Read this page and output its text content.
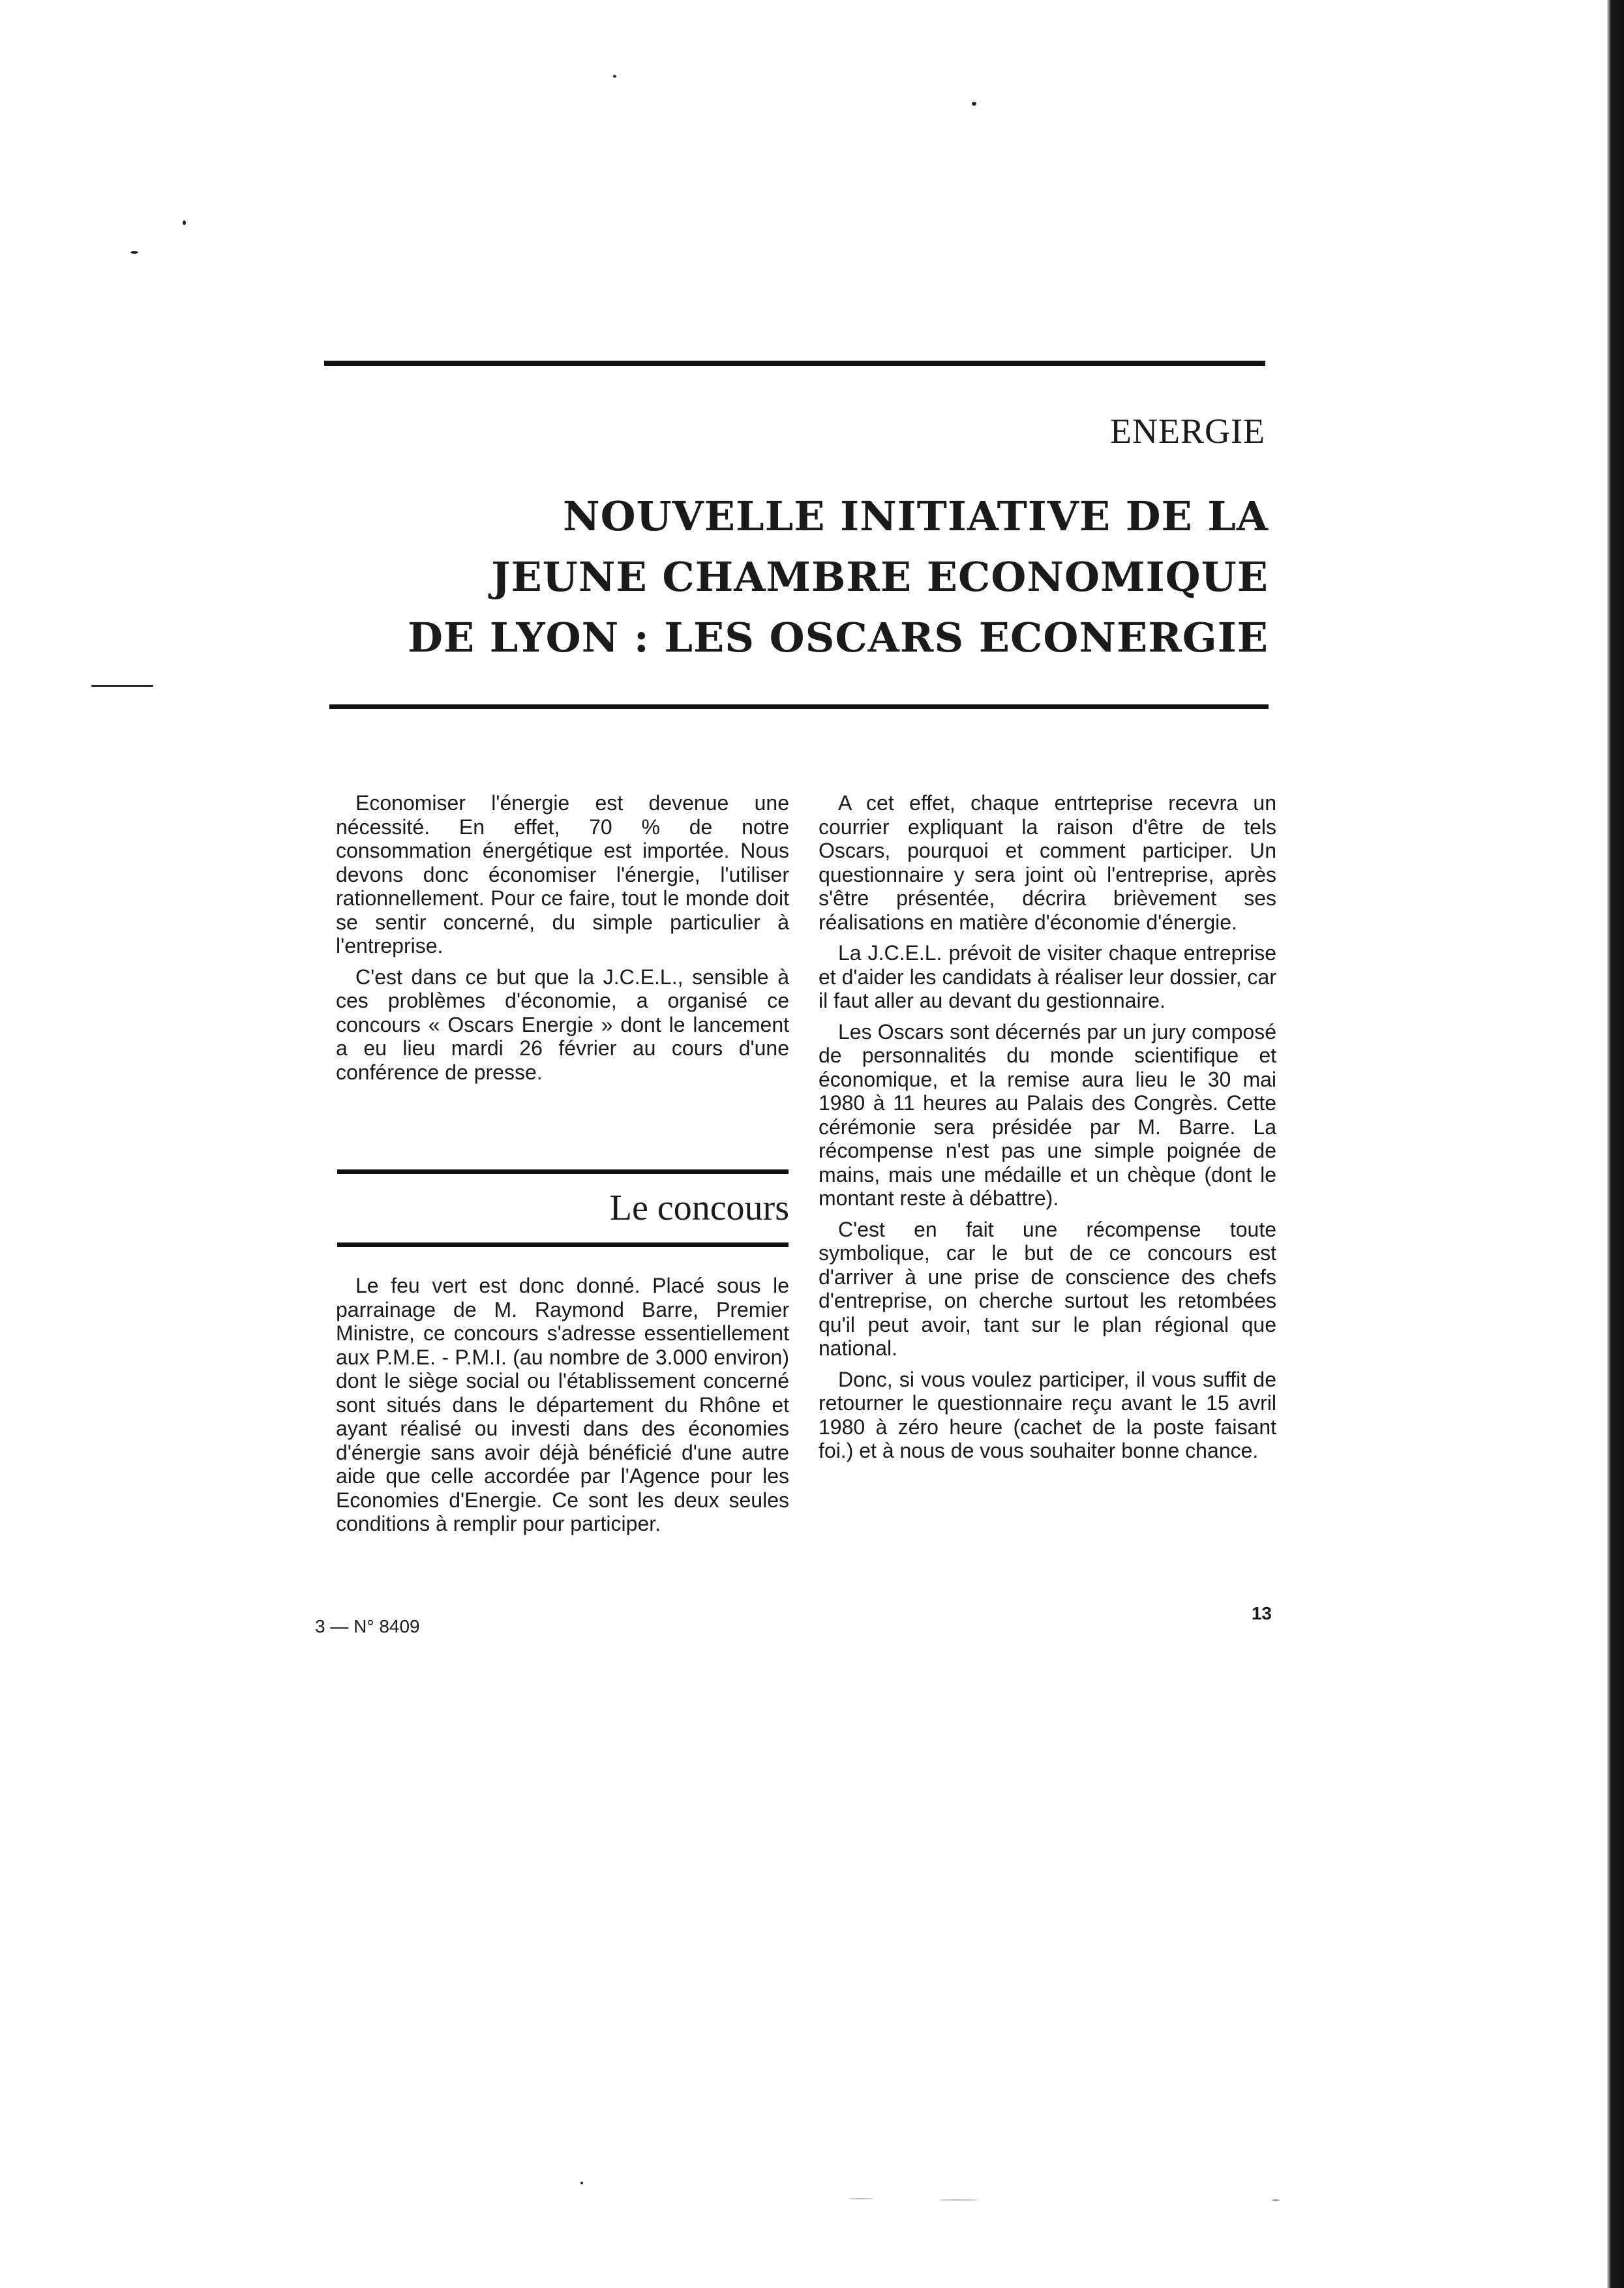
ENERGIE
NOUVELLE INITIATIVE DE LA
JEUNE CHAMBRE ECONOMIQUE
DE LYON : LES OSCARS ECONERGIE

Economiser l'énergie est devenue une nécessité. En effet, 70 % de notre consommation énergétique est importée. Nous devons donc économiser l'énergie, l'utiliser rationnellement. Pour ce faire, tout le monde doit se sentir concerné, du simple particulier à l'entreprise.

C'est dans ce but que la J.C.E.L., sensible à ces problèmes d'économie, a organisé ce concours « Oscars Energie » dont le lancement a eu lieu mardi 26 février au cours d'une conférence de presse.

Le concours

Le feu vert est donc donné. Placé sous le parrainage de M. Raymond Barre, Premier Ministre, ce concours s'adresse essentiellement aux P.M.E. - P.M.I. (au nombre de 3.000 environ) dont le siège social ou l'établissement concerné sont situés dans le département du Rhône et ayant réalisé ou investi dans des économies d'énergie sans avoir déjà bénéficié d'une autre aide que celle accordée par l'Agence pour les Economies d'Energie. Ce sont les deux seules conditions à remplir pour participer.

A cet effet, chaque entrteprise recevra un courrier expliquant la raison d'être de tels Oscars, pourquoi et comment participer. Un questionnaire y sera joint où l'entreprise, après s'être présentée, décrira brièvement ses réalisations en matière d'économie d'énergie.

La J.C.E.L. prévoit de visiter chaque entreprise et d'aider les candidats à réaliser leur dossier, car il faut aller au devant du gestionnaire.

Les Oscars sont décernés par un jury composé de personnalités du monde scientifique et économique, et la remise aura lieu le 30 mai 1980 à 11 heures au Palais des Congrès. Cette cérémonie sera présidée par M. Barre. La récompense n'est pas une simple poignée de mains, mais une médaille et un chèque (dont le montant reste à débattre).

C'est en fait une récompense toute symbolique, car le but de ce concours est d'arriver à une prise de conscience des chefs d'entreprise, on cherche surtout les retombées qu'il peut avoir, tant sur le plan régional que national.

Donc, si vous voulez participer, il vous suffit de retourner le questionnaire reçu avant le 15 avril 1980 à zéro heure (cachet de la poste faisant foi.) et à nous de vous souhaiter bonne chance.

3 — N° 8409
13
